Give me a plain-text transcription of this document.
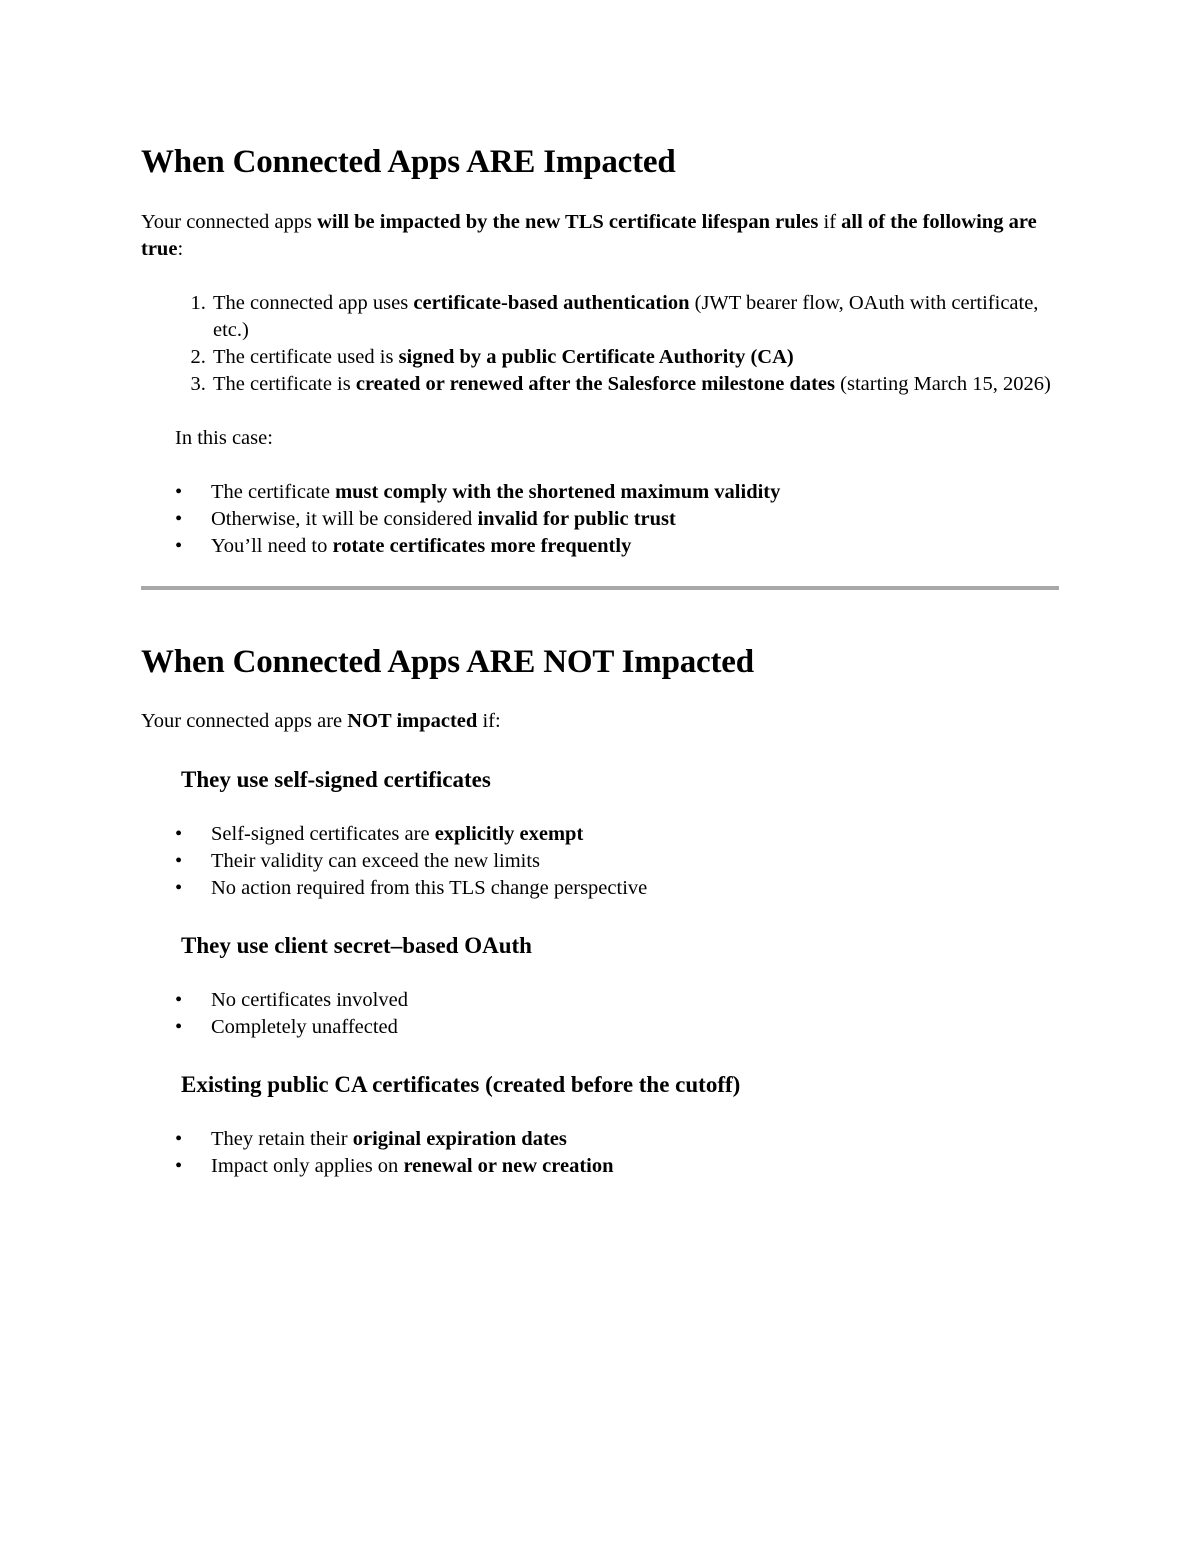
When Connected Apps ARE Impacted

Your connected apps will be impacted by the new TLS certificate lifespan rules if all of the following are true:

1. The connected app uses certificate-based authentication (JWT bearer flow, OAuth with certificate, etc.)
2. The certificate used is signed by a public Certificate Authority (CA)
3. The certificate is created or renewed after the Salesforce milestone dates (starting March 15, 2026)

In this case:

• The certificate must comply with the shortened maximum validity
• Otherwise, it will be considered invalid for public trust
• You’ll need to rotate certificates more frequently
When Connected Apps ARE NOT Impacted

Your connected apps are NOT impacted if:

They use self-signed certificates
• Self-signed certificates are explicitly exempt
• Their validity can exceed the new limits
• No action required from this TLS change perspective
They use client secret–based OAuth
• No certificates involved
• Completely unaffected
Existing public CA certificates (created before the cutoff)
• They retain their original expiration dates
• Impact only applies on renewal or new creation
